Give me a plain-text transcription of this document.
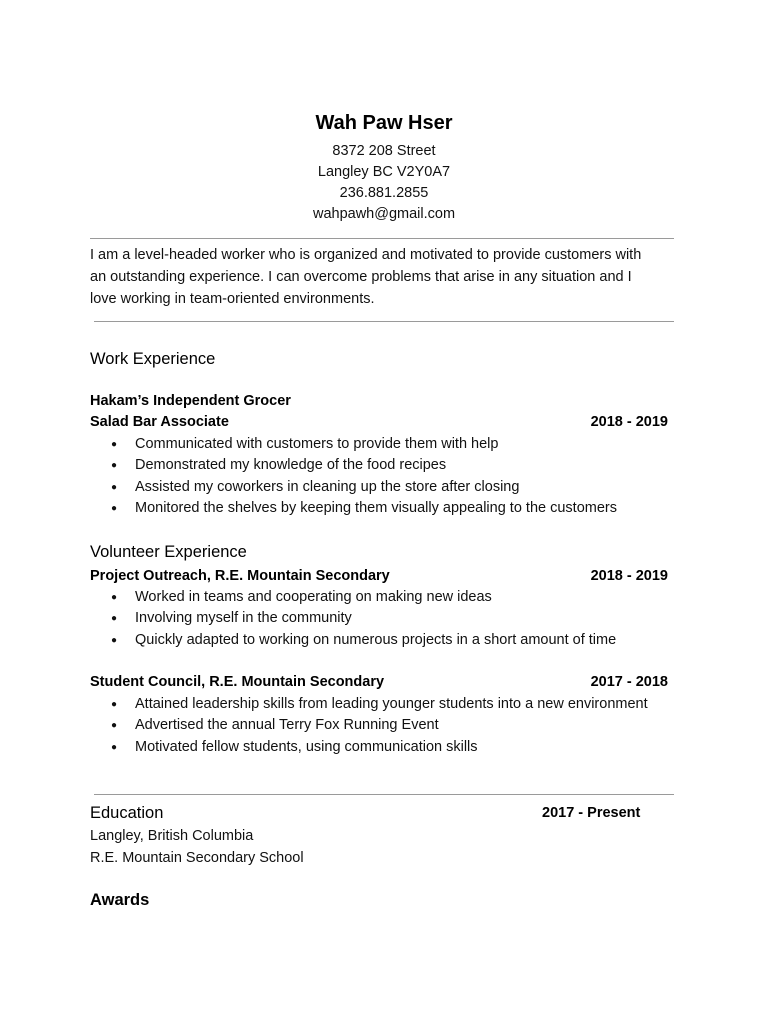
Wah Paw Hser
8372 208 Street
Langley BC V2Y0A7
236.881.2855
wahpawh@gmail.com
I am a level-headed worker who is organized and motivated to provide customers with
an outstanding experience. I can overcome problems that arise in any situation and I
love working in team-oriented environments.
Work Experience
Hakam’s Independent Grocer
Salad Bar Associate	2018 - 2019
● Communicated with customers to provide them with help
● Demonstrated my knowledge of the food recipes
● Assisted my coworkers in cleaning up the store after closing
● Monitored the shelves by keeping them visually appealing to the customers
Volunteer Experience
Project Outreach, R.E. Mountain Secondary	2018 - 2019
● Worked in teams and cooperating on making new ideas
● Involving myself in the community
● Quickly adapted to working on numerous projects in a short amount of time
Student Council, R.E. Mountain Secondary	2017 - 2018
● Attained leadership skills from leading younger students into a new environment
● Advertised the annual Terry Fox Running Event
● Motivated fellow students, using communication skills
Education	2017 - Present
Langley, British Columbia
R.E. Mountain Secondary School
Awards
